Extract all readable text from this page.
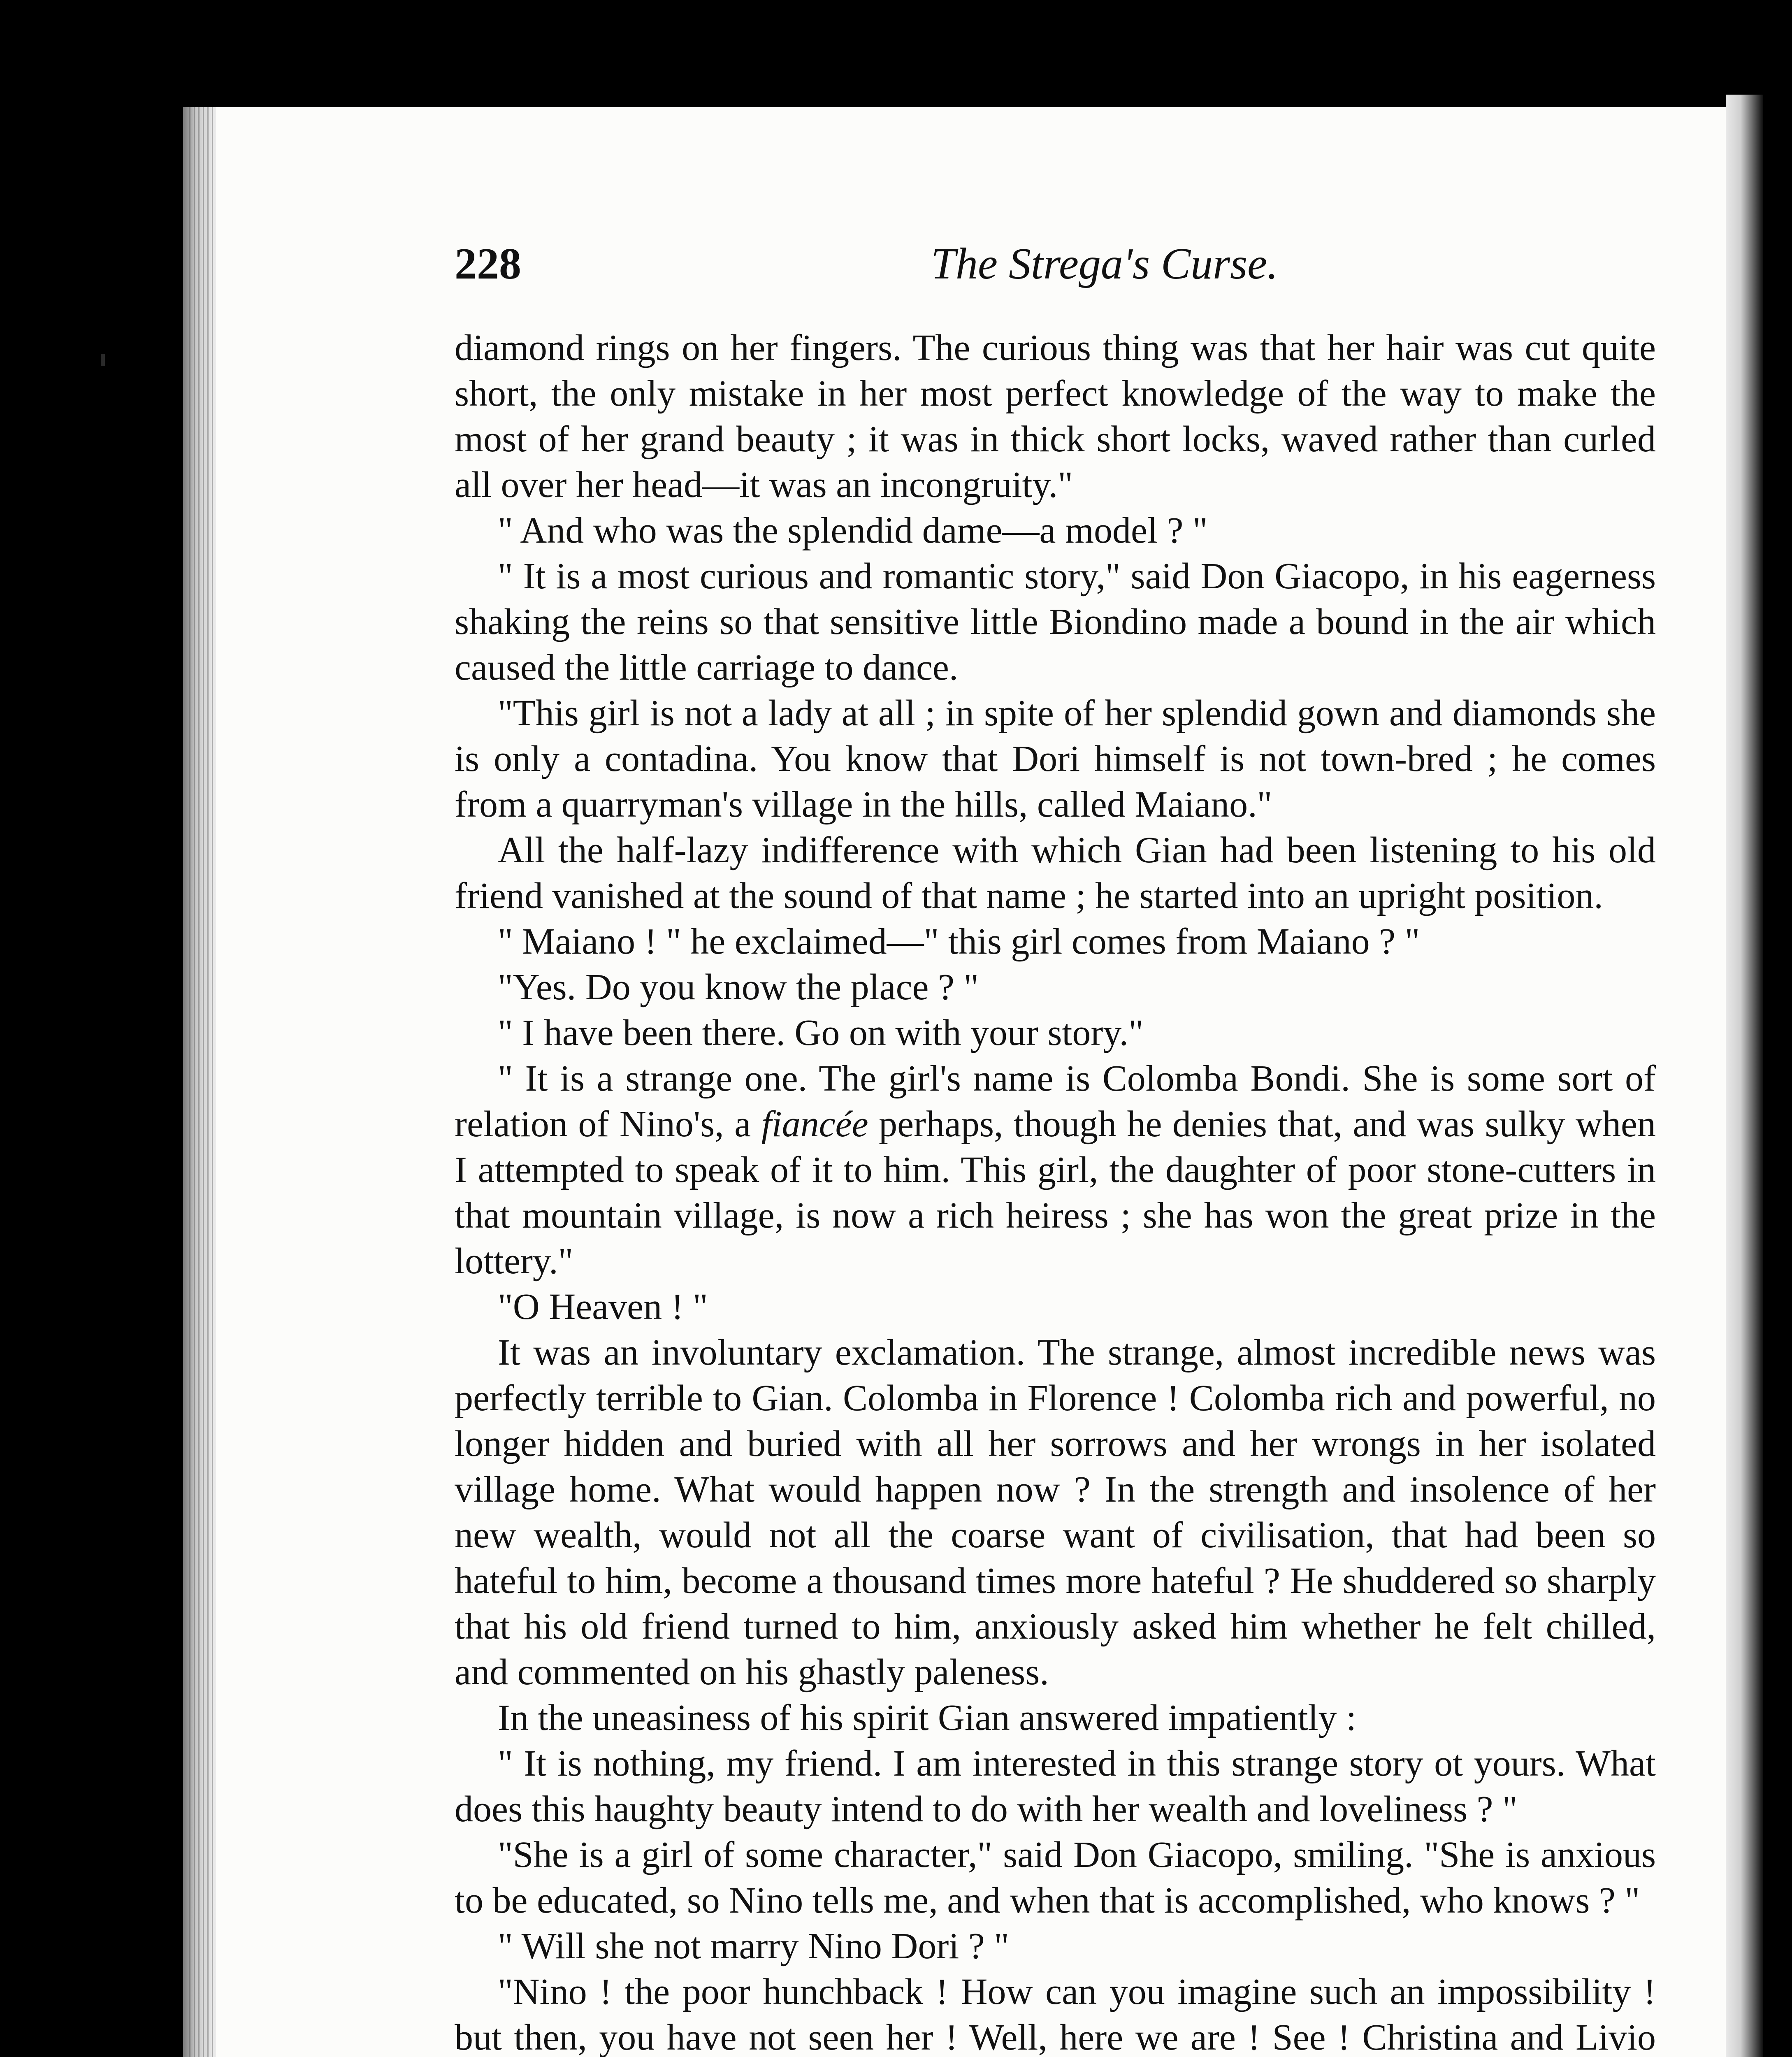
228	The Strega's Curse.

diamond rings on her fingers. The curious thing was that her hair was cut quite short, the only mistake in her most perfect knowledge of the way to make the most of her grand beauty ; it was in thick short locks, waved rather than curled all over her head—it was an incongruity."

" And who was the splendid dame—a model ? "

" It is a most curious and romantic story," said Don Giacopo, in his eagerness shaking the reins so that sensitive little Biondino made a bound in the air which caused the little carriage to dance.

"This girl is not a lady at all ; in spite of her splendid gown and diamonds she is only a contadina. You know that Dori himself is not town-bred ; he comes from a quarryman's village in the hills, called Maiano."

All the half-lazy indifference with which Gian had been listening to his old friend vanished at the sound of that name ; he started into an upright position.

" Maiano ! " he exclaimed—" this girl comes from Maiano ? "

"Yes. Do you know the place ? "

" I have been there. Go on with your story."

" It is a strange one. The girl's name is Colomba Bondi. She is some sort of relation of Nino's, a fiancée perhaps, though he denies that, and was sulky when I attempted to speak of it to him. This girl, the daughter of poor stone-cutters in that mountain village, is now a rich heiress ; she has won the great prize in the lottery."

"O Heaven ! "

It was an involuntary exclamation. The strange, almost incredible news was perfectly terrible to Gian. Colomba in Florence ! Colomba rich and powerful, no longer hidden and buried with all her sorrows and her wrongs in her isolated village home. What would happen now ? In the strength and insolence of her new wealth, would not all the coarse want of civilisation, that had been so hateful to him, become a thousand times more hateful ? He shuddered so sharply that his old friend turned to him, anxiously asked him whether he felt chilled, and commented on his ghastly paleness.

In the uneasiness of his spirit Gian answered impatiently :

" It is nothing, my friend. I am interested in this strange story ot yours. What does this haughty beauty intend to do with her wealth and loveliness ? "

"She is a girl of some character," said Don Giacopo, smiling. "She is anxious to be educated, so Nino tells me, and when that is accomplished, who knows ? "

" Will she not marry Nino Dori ? "

"Nino ! the poor hunchback ! How can you imagine such an impossibility ! but then, you have not seen her ! Well, here we are ! See ! Christina and Livio
